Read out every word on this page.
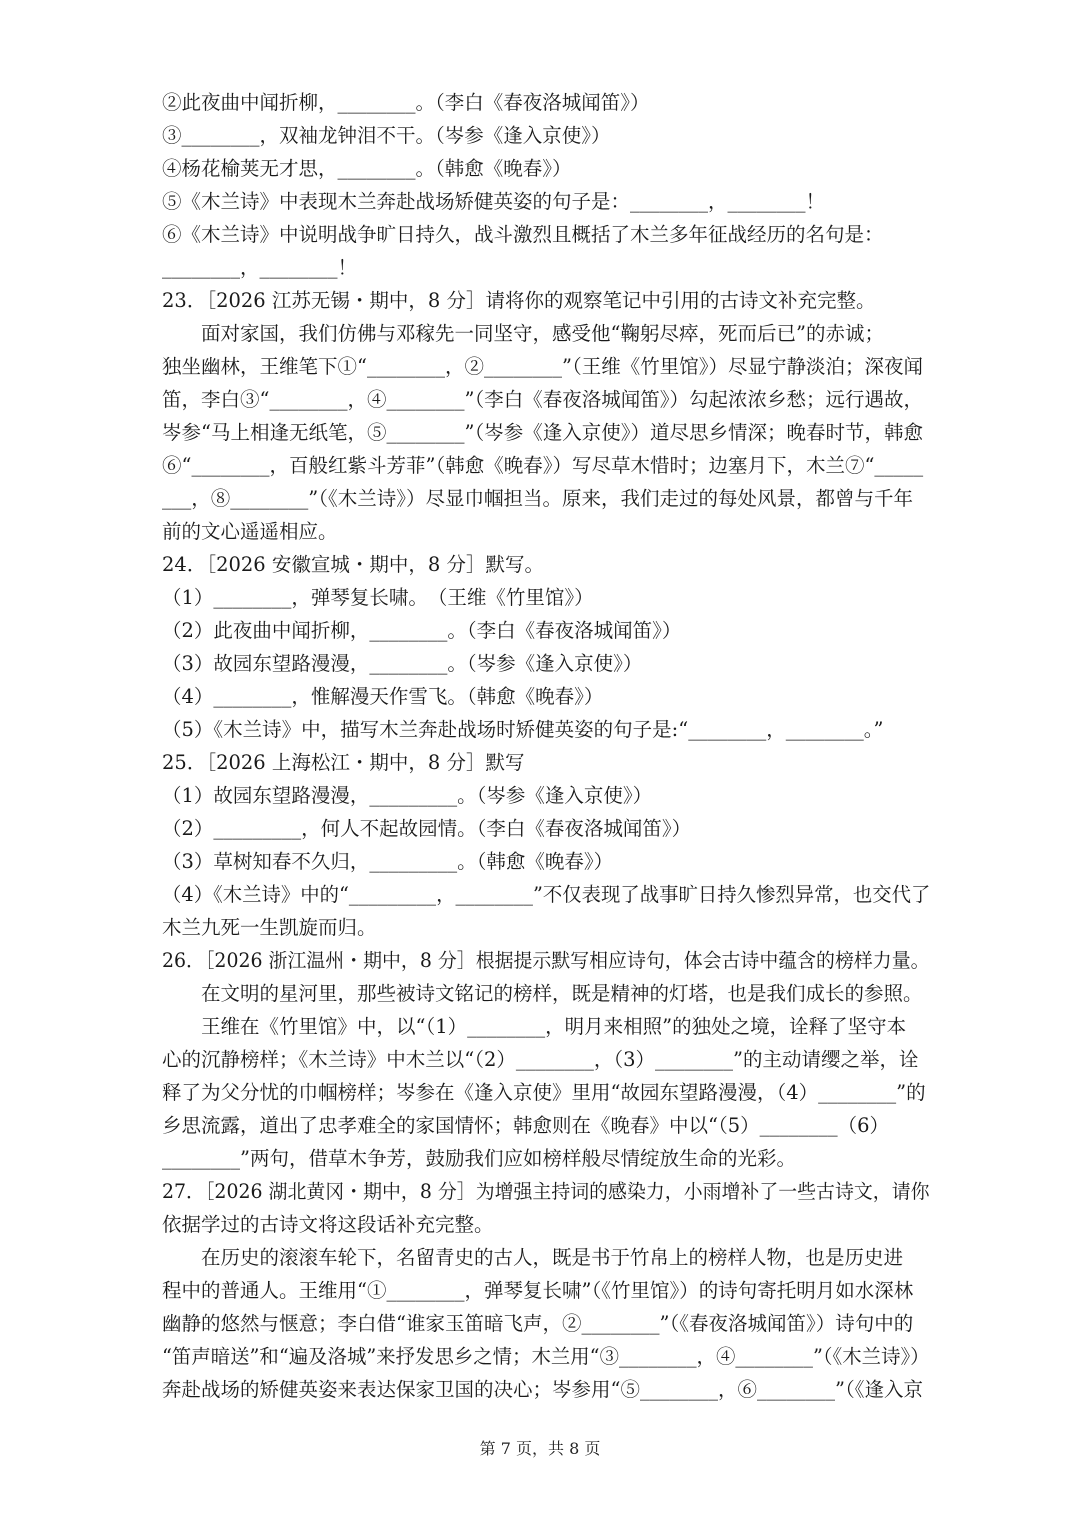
②此夜曲中闻折柳，________。（李白《春夜洛城闻笛》）
③________，双袖龙钟泪不干。（岑参《逢入京使》）
④杨花榆荚无才思，________。（韩愈《晚春》）
⑤《木兰诗》中表现木兰奔赴战场矫健英姿的句子是：________，________！
⑥《木兰诗》中说明战争旷日持久，战斗激烈且概括了木兰多年征战经历的名句是：
________，________！
23．［2026 江苏无锡・期中，8 分］请将你的观察笔记中引用的古诗文补充完整。
　　面对家国，我们仿佛与邓稼先一同坚守，感受他“鞠躬尽瘁，死而后已”的赤诚；
独坐幽林，王维笔下①“________，②________”（王维《竹里馆》）尽显宁静淡泊；深夜闻
笛，李白③“________，④________”（李白《春夜洛城闻笛》）勾起浓浓乡愁；远行遇故，
岑参“马上相逢无纸笔，⑤________”（岑参《逢入京使》）道尽思乡情深；晚春时节，韩愈
⑥“________，百般红紫斗芳菲”（韩愈《晚春》）写尽草木惜时；边塞月下，木兰⑦“_____
___，⑧________”（《木兰诗》）尽显巾帼担当。原来，我们走过的每处风景，都曾与千年
前的文心遥遥相应。
24．［2026 安徽宣城・期中，8 分］默写。
（1）________，弹琴复长啸。　（王维《竹里馆》）
（2）此夜曲中闻折柳，________。（李白《春夜洛城闻笛》）
（3）故园东望路漫漫，________。（岑参《逢入京使》）
（4）________，惟解漫天作雪飞。（韩愈《晚春》）
（5）《木兰诗》中，描写木兰奔赴战场时矫健英姿的句子是:“________，________。”
25．［2026 上海松江・期中，8 分］默写
（1）故园东望路漫漫，_________。（岑参《逢入京使》）
（2）_________，何人不起故园情。（李白《春夜洛城闻笛》）
（3）草树知春不久归，_________。（韩愈《晚春》）
（4）《木兰诗》中的“_________，________”不仅表现了战事旷日持久惨烈异常，也交代了
木兰九死一生凯旋而归。
26．［2026 浙江温州・期中，8 分］根据提示默写相应诗句，体会古诗中蕴含的榜样力量。
　　在文明的星河里，那些被诗文铭记的榜样，既是精神的灯塔，也是我们成长的参照。
　　王维在《竹里馆》中，以“（1）________，明月来相照”的独处之境，诠释了坚守本
心的沉静榜样；《木兰诗》中木兰以“（2）________，（3）________”的主动请缨之举，诠
释了为父分忧的巾帼榜样；岑参在《逢入京使》里用“故园东望路漫漫，（4）________”的
乡思流露，道出了忠孝难全的家国情怀；韩愈则在《晚春》中以“（5）________（6）
________”两句，借草木争芳，鼓励我们应如榜样般尽情绽放生命的光彩。
27．［2026 湖北黄冈・期中，8 分］为增强主持词的感染力，小雨增补了一些古诗文，请你
依据学过的古诗文将这段话补充完整。
　　在历史的滚滚车轮下，名留青史的古人，既是书于竹帛上的榜样人物，也是历史进
程中的普通人。王维用“①________，弹琴复长啸”（《竹里馆》）的诗句寄托明月如水深林
幽静的悠然与惬意；李白借“谁家玉笛暗飞声，②________”（《春夜洛城闻笛》）诗句中的
“笛声暗送”和“遍及洛城”来抒发思乡之情；木兰用“③________，④________”（《木兰诗》）
奔赴战场的矫健英姿来表达保家卫国的决心；岑参用“⑤________，⑥________”（《逢入京
第 7 页，共 8 页
